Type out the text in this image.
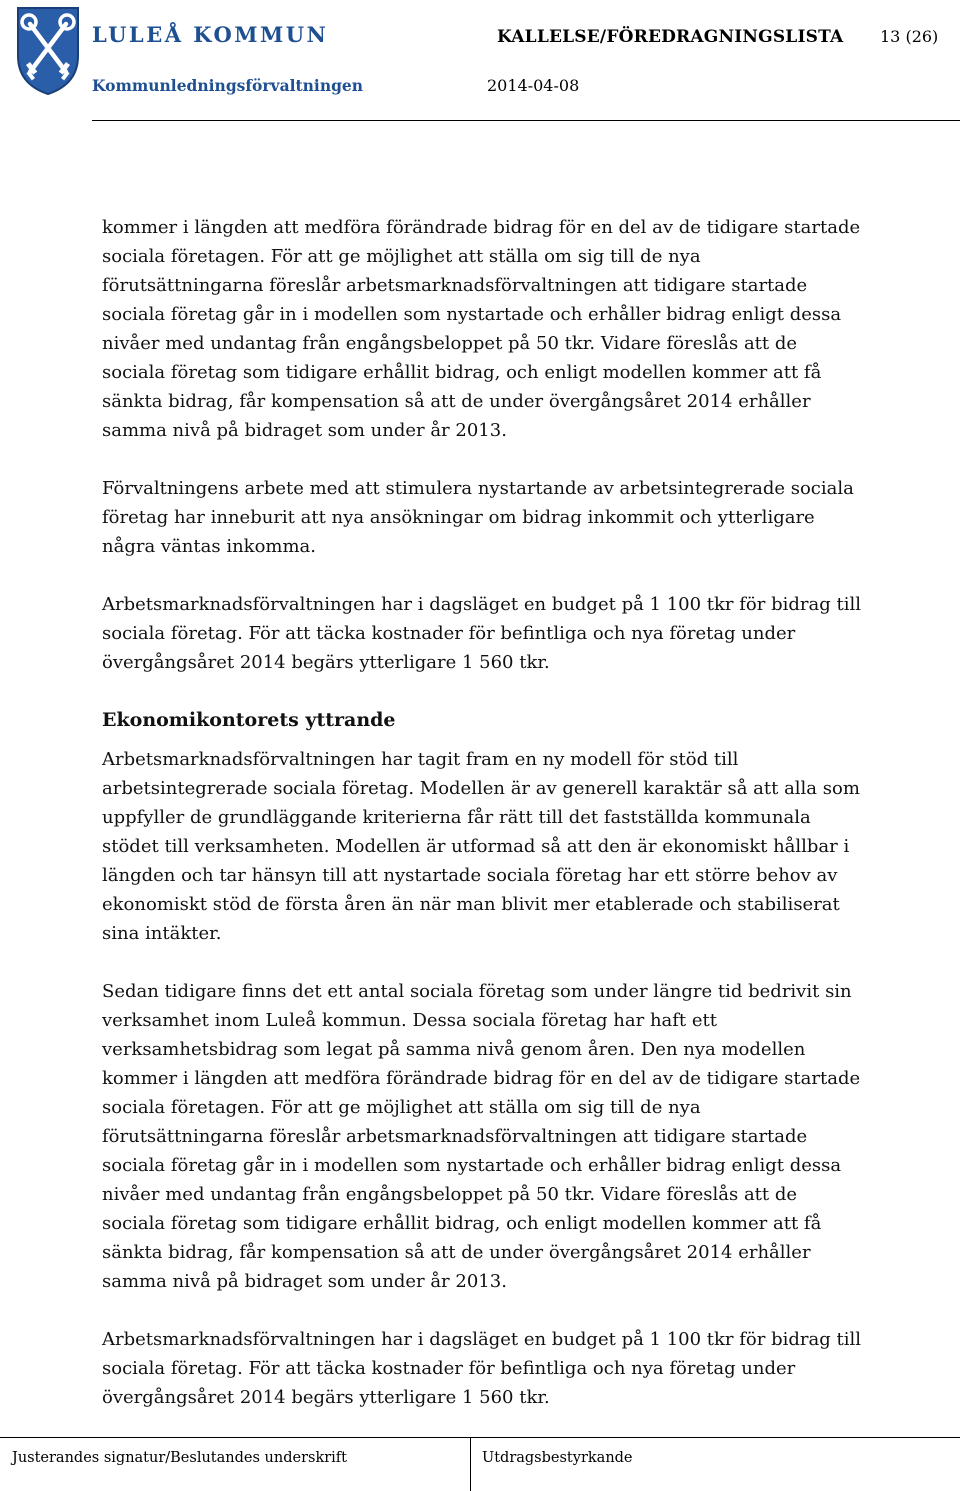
LULEÅ KOMMUN
Kommunledningsförvaltningen
KALLELSE/FÖREDRAGNINGSLISTA 13 (26)
2014-04-08

kommer i längden att medföra förändrade bidrag för en del av de tidigare startade sociala företagen. För att ge möjlighet att ställa om sig till de nya förutsättningarna föreslår arbetsmarknadsförvaltningen att tidigare startade sociala företag går in i modellen som nystartade och erhåller bidrag enligt dessa nivåer med undantag från engångsbeloppet på 50 tkr. Vidare föreslås att de sociala företag som tidigare erhållit bidrag, och enligt modellen kommer att få sänkta bidrag, får kompensation så att de under övergångsåret 2014 erhåller samma nivå på bidraget som under år 2013.

Förvaltningens arbete med att stimulera nystartande av arbetsintegrerade sociala företag har inneburit att nya ansökningar om bidrag inkommit och ytterligare några väntas inkomma.

Arbetsmarknadsförvaltningen har i dagsläget en budget på 1 100 tkr för bidrag till sociala företag. För att täcka kostnader för befintliga och nya företag under övergångsåret 2014 begärs ytterligare 1 560 tkr.

Ekonomikontorets yttrande

Arbetsmarknadsförvaltningen har tagit fram en ny modell för stöd till arbetsintegrerade sociala företag. Modellen är av generell karaktär så att alla som uppfyller de grundläggande kriterierna får rätt till det fastställda kommunala stödet till verksamheten. Modellen är utformad så att den är ekonomiskt hållbar i längden och tar hänsyn till att nystartade sociala företag har ett större behov av ekonomiskt stöd de första åren än när man blivit mer etablerade och stabiliserat sina intäkter.

Sedan tidigare finns det ett antal sociala företag som under längre tid bedrivit sin verksamhet inom Luleå kommun. Dessa sociala företag har haft ett verksamhetsbidrag som legat på samma nivå genom åren. Den nya modellen kommer i längden att medföra förändrade bidrag för en del av de tidigare startade sociala företagen. För att ge möjlighet att ställa om sig till de nya förutsättningarna föreslår arbetsmarknadsförvaltningen att tidigare startade sociala företag går in i modellen som nystartade och erhåller bidrag enligt dessa nivåer med undantag från engångsbeloppet på 50 tkr. Vidare föreslås att de sociala företag som tidigare erhållit bidrag, och enligt modellen kommer att få sänkta bidrag, får kompensation så att de under övergångsåret 2014 erhåller samma nivå på bidraget som under år 2013.

Arbetsmarknadsförvaltningen har i dagsläget en budget på 1 100 tkr för bidrag till sociala företag. För att täcka kostnader för befintliga och nya företag under övergångsåret 2014 begärs ytterligare 1 560 tkr.

Justerandes signatur/Beslutandes underskrift	Utdragsbestyrkande
